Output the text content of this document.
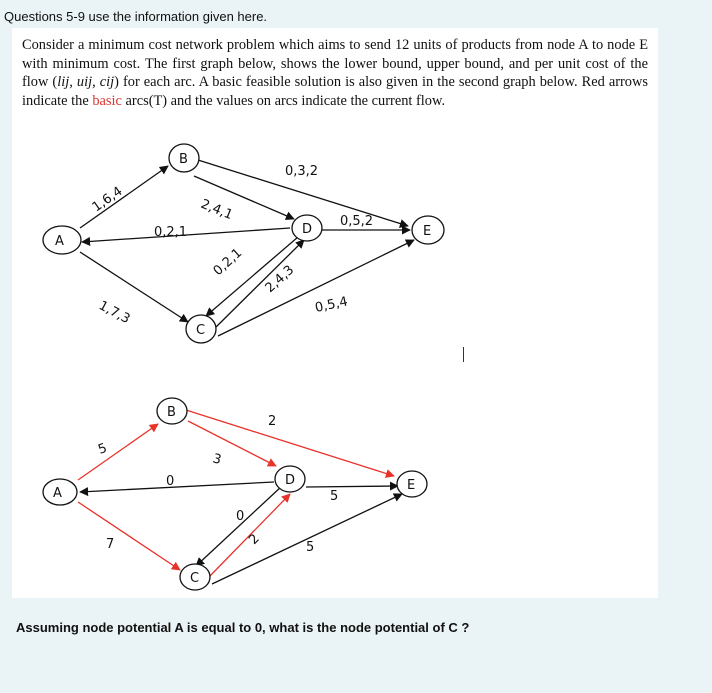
Questions 5-9 use the information given here.
Consider a minimum cost network problem which aims to send 12 units of products from node A to node E with minimum cost. The first graph below, shows the lower bound, upper bound, and per unit cost of the flow (lij, uij, cij) for each arc. A basic feasible solution is also given in the second graph below. Red arrows indicate the basic arcs(T) and the values on arcs indicate the current flow.
A
B
C
D	E
1,6,4
1,7,3
0,2,1
2,4,1
0,3,2
0,2,1
2,4,3
0,5,2
0,5,4
A
B
C
D	E
5
7
0
3
2
0
2
5
5
Assuming node potential A is equal to 0, what is the node potential of C ?
